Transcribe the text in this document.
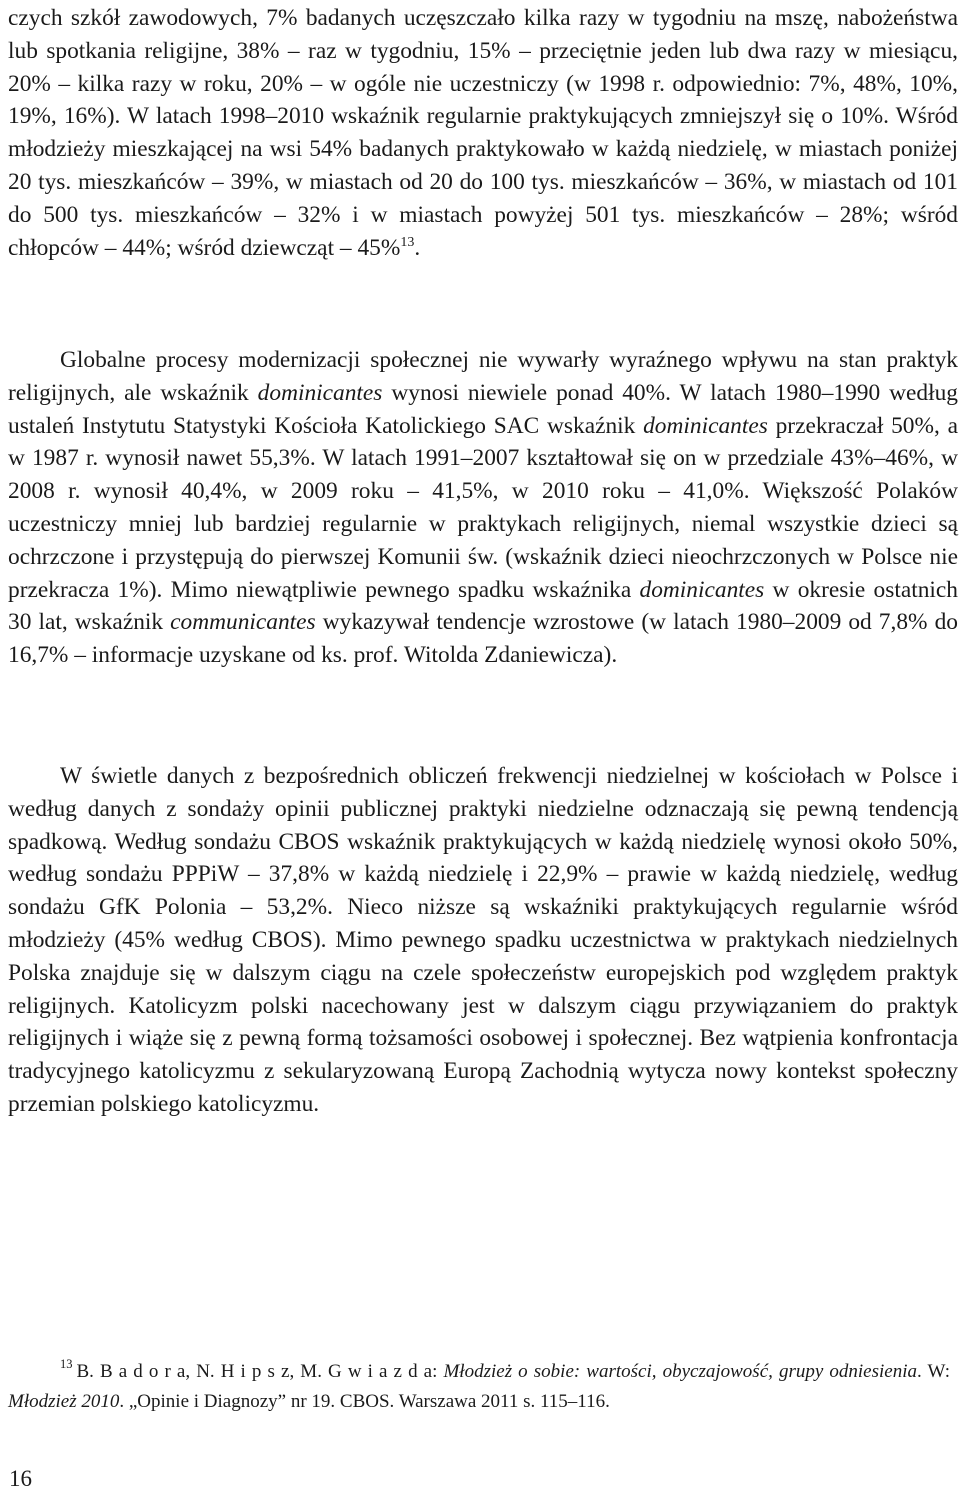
czych szkół zawodowych, 7% badanych uczęszczało kilka razy w tygodniu na mszę, nabożeństwa lub spotkania religijne, 38% – raz w tygodniu, 15% – przeciętnie jeden lub dwa razy w miesiącu, 20% – kilka razy w roku, 20% – w ogóle nie uczestniczy (w 1998 r. odpowiednio: 7%, 48%, 10%, 19%, 16%). W latach 1998–2010 wskaźnik regularnie praktykujących zmniejszył się o 10%. Wśród młodzieży mieszkającej na wsi 54% badanych praktykowało w każdą niedzielę, w miastach poniżej 20 tys. mieszkańców – 39%, w miastach od 20 do 100 tys. mieszkańców – 36%, w miastach od 101 do 500 tys. mieszkańców – 32% i w miastach powyżej 501 tys. mieszkańców – 28%; wśród chłopców – 44%; wśród dziewcząt – 45%$^{13}$.

Globalne procesy modernizacji społecznej nie wywarły wyraźnego wpływu na stan praktyk religijnych, ale wskaźnik dominicantes wynosi niewiele ponad 40%. W latach 1980–1990 według ustaleń Instytutu Statystyki Kościoła Katolickiego SAC wskaźnik dominicantes przekraczał 50%, a w 1987 r. wynosił nawet 55,3%. W latach 1991–2007 kształtował się on w przedziale 43%–46%, w 2008 r. wynosił 40,4%, w 2009 roku – 41,5%, w 2010 roku – 41,0%. Większość Polaków uczestniczy mniej lub bardziej regularnie w praktykach religijnych, niemal wszystkie dzieci są ochrzczone i przystępują do pierwszej Komunii św. (wskaźnik dzieci nieochrzczonych w Polsce nie przekracza 1%). Mimo niewątpliwie pewnego spadku wskaźnika dominicantes w okresie ostatnich 30 lat, wskaźnik communicantes wykazywał tendencje wzrostowe (w latach 1980–2009 od 7,8% do 16,7% – informacje uzyskane od ks. prof. Witolda Zdaniewicza).

W świetle danych z bezpośrednich obliczeń frekwencji niedzielnej w kościołach w Polsce i według danych z sondaży opinii publicznej praktyki niedzielne odznaczają się pewną tendencją spadkową. Według sondażu CBOS wskaźnik praktykujących w każdą niedzielę wynosi około 50%, według sondażu PPPiW – 37,8% w każdą niedzielę i 22,9% – prawie w każdą niedzielę, według sondażu GfK Polonia – 53,2%. Nieco niższe są wskaźniki praktykujących regularnie wśród młodzieży (45% według CBOS). Mimo pewnego spadku uczestnictwa w praktykach niedzielnych Polska znajduje się w dalszym ciągu na czele społeczeństw europejskich pod względem praktyk religijnych. Katolicyzm polski nacechowany jest w dalszym ciągu przywiązaniem do praktyk religijnych i wiąże się z pewną formą tożsamości osobowej i społecznej. Bez wątpienia konfrontacja tradycyjnego katolicyzmu z sekularyzowaną Europą Zachodnią wytycza nowy kontekst społeczny przemian polskiego katolicyzmu.

$^{13}$ B. B a d o r a, N. H i p s z, M. G w i a z d a: Młodzież o sobie: wartości, obyczajowość, grupy odniesienia. W: Młodzież 2010. „Opinie i Diagnozy” nr 19. CBOS. Warszawa 2011 s. 115–116.

16
